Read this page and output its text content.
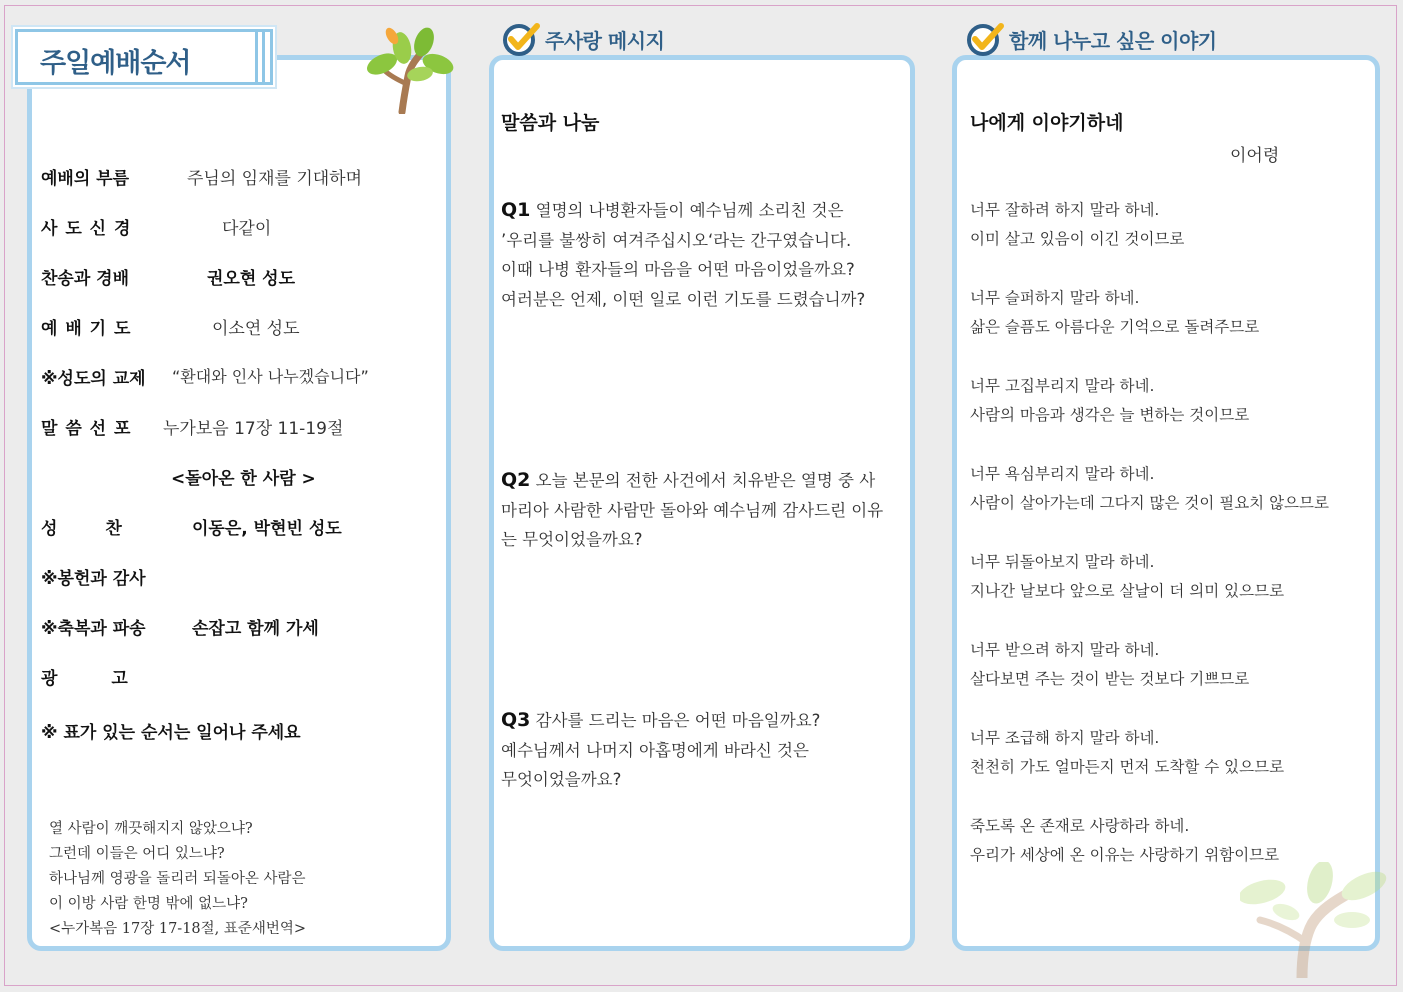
주일예배순서
예배의 부름	주님의 임재를 기대하며
사 도 신 경	다같이
찬송과 경배	권오현 성도
예 배 기 도	이소연 성도
※성도의 교제 “환대와 인사 나누겠습니다”
말 씀 선 포 누가보음 17장 11-19절
<돌아온 한 사람 >
성 찬	이동은, 박현빈 성도
※봉헌과 감사
※축복과 파송	손잡고 함께 가세
광 고
※ 표가 있는 순서는 일어나 주세요
열 사람이 깨끗해지지 않았으냐?
그런데 이들은 어디 있느냐?
하나님께 영광을 돌리러 되돌아온 사람은
이 이방 사람 한명 밖에 없느냐?
<누가복음 17장 17-18절, 표준새번역>
주사랑 메시지
말씀과 나눔
Q1 열명의 나병환자들이 예수님께 소리친 것은
’우리를 불쌍히 여겨주십시오‘라는 간구였습니다.
이때 나병 환자들의 마음을 어떤 마음이었을까요?
여러분은 언제, 이떤 일로 이런 기도를 드렸습니까?
Q2 오늘 본문의 전한 사건에서 치유받은 열명 중 사
마리아 사람한 사람만 돌아와 예수님께 감사드린 이유
는 무엇이었을까요?
Q3 감사를 드리는 마음은 어떤 마음일까요?
예수님께서 나머지 아홉명에게 바라신 것은
무엇이었을까요?
함께 나누고 싶은 이야기
나에게 이야기하네
이어령
너무 잘하려 하지 말라 하네.
이미 살고 있음이 이긴 것이므로
너무 슬퍼하지 말라 하네.
삶은 슬픔도 아름다운 기억으로 돌려주므로
너무 고집부리지 말라 하네.
사람의 마음과 생각은 늘 변하는 것이므로
너무 욕심부리지 말라 하네.
사람이 살아가는데 그다지 많은 것이 필요치 않으므로
너무 뒤돌아보지 말라 하네.
지나간 날보다 앞으로 살날이 더 의미 있으므로
너무 받으려 하지 말라 하네.
살다보면 주는 것이 받는 것보다 기쁘므로
너무 조급해 하지 말라 하네.
천천히 가도 얼마든지 먼저 도착할 수 있으므로
죽도록 온 존재로 사랑하라 하네.
우리가 세상에 온 이유는 사랑하기 위함이므로
